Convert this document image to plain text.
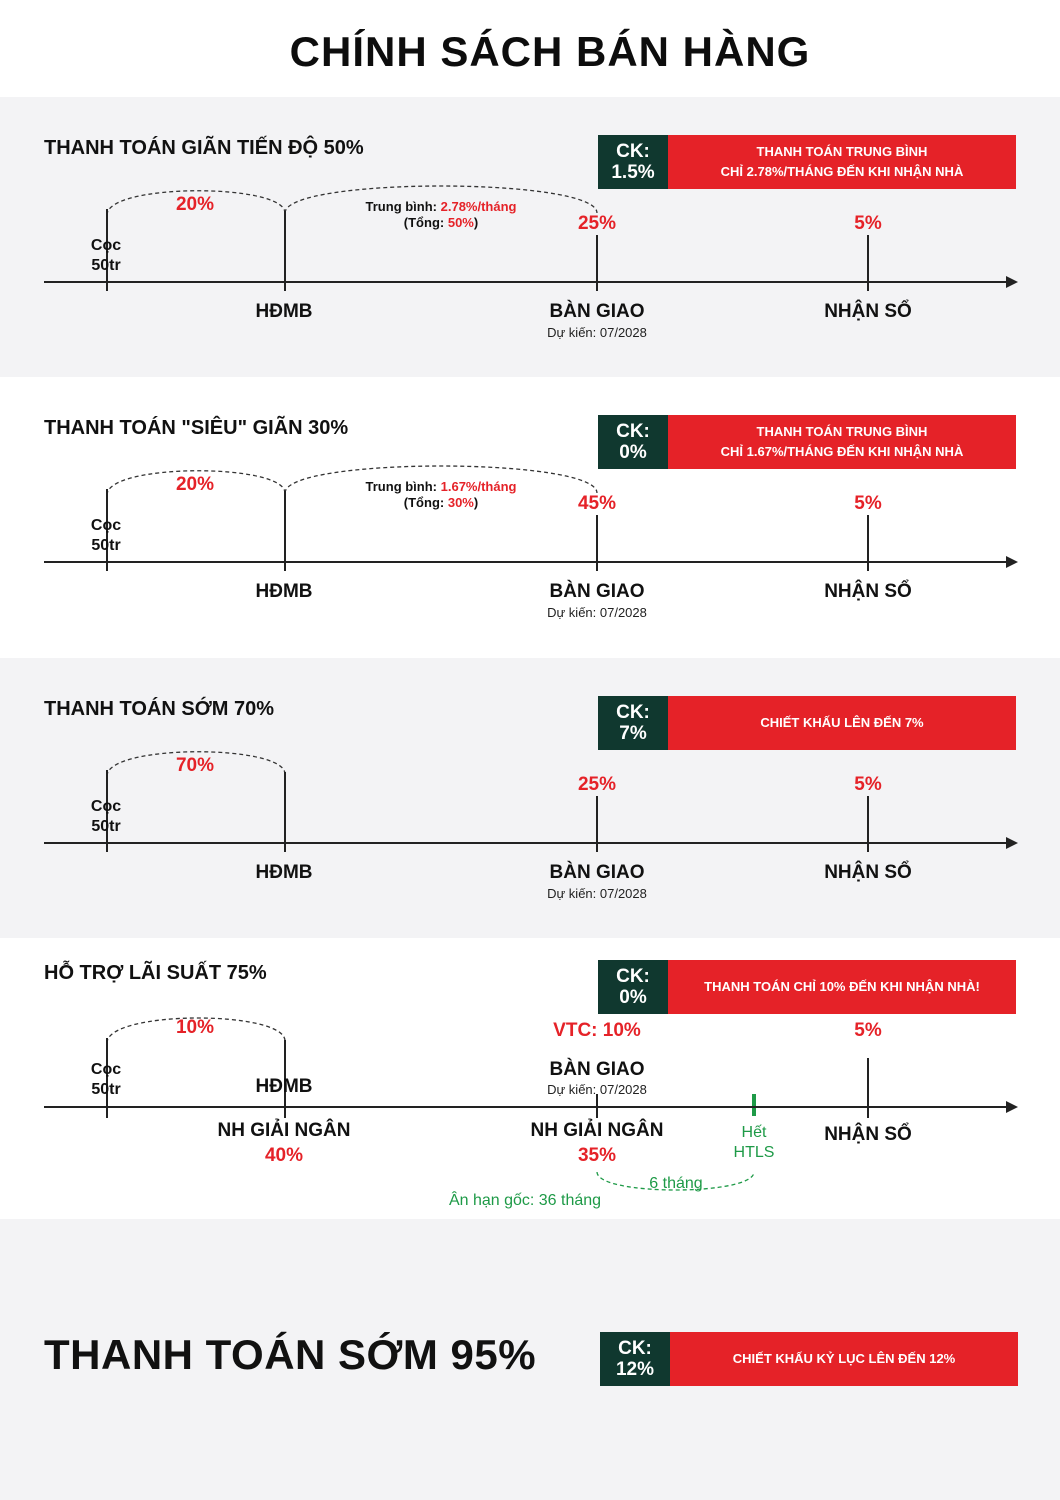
CHÍNH SÁCH BÁN HÀNG
THANH TOÁN GIÃN TIẾN ĐỘ 50%	CK:
1.5%
THANH TOÁN TRUNG BÌNH
CHỈ 2.78%/THÁNG ĐẾN KHI NHẬN NHÀ
Cọc
50tr
20%	Trung bình: 2.78%/tháng
(Tổng: 50%)	25%	5%
HĐMB	BÀN GIAO
Dự kiến: 07/2028
NHẬN SỔ
THANH TOÁN "SIÊU" GIÃN 30%	CK:
0%
THANH TOÁN TRUNG BÌNH
CHỈ 1.67%/THÁNG ĐẾN KHI NHẬN NHÀ
Cọc
50tr
20%	Trung bình: 1.67%/tháng
(Tổng: 30%)	45%	5%
HĐMB	BÀN GIAO
Dự kiến: 07/2028
NHẬN SỔ
THANH TOÁN SỚM 70%	CK:
7%
CHIẾT KHẤU LÊN ĐẾN 7%
Cọc
50tr
70%
25%	5%
HĐMB	BÀN GIAO
Dự kiến: 07/2028
NHẬN SỔ
HỖ TRỢ LÃI SUẤT 75%	CK:
0%
THANH TOÁN CHỈ 10% ĐẾN KHI NHẬN NHÀ!
Cọc
50tr
10%
HĐMB
VTC: 10%
BÀN GIAO
Dự kiến: 07/2028
5%
NH GIẢI NGÂN
40%
NH GIẢI NGÂN
35%
Hết
HTLS
6 tháng
Ân hạn gốc: 36 tháng
NHẬN SỔ
THANH TOÁN SỚM 95%	CK:
12%
CHIẾT KHẤU KỶ LỤC LÊN ĐẾN 12%
